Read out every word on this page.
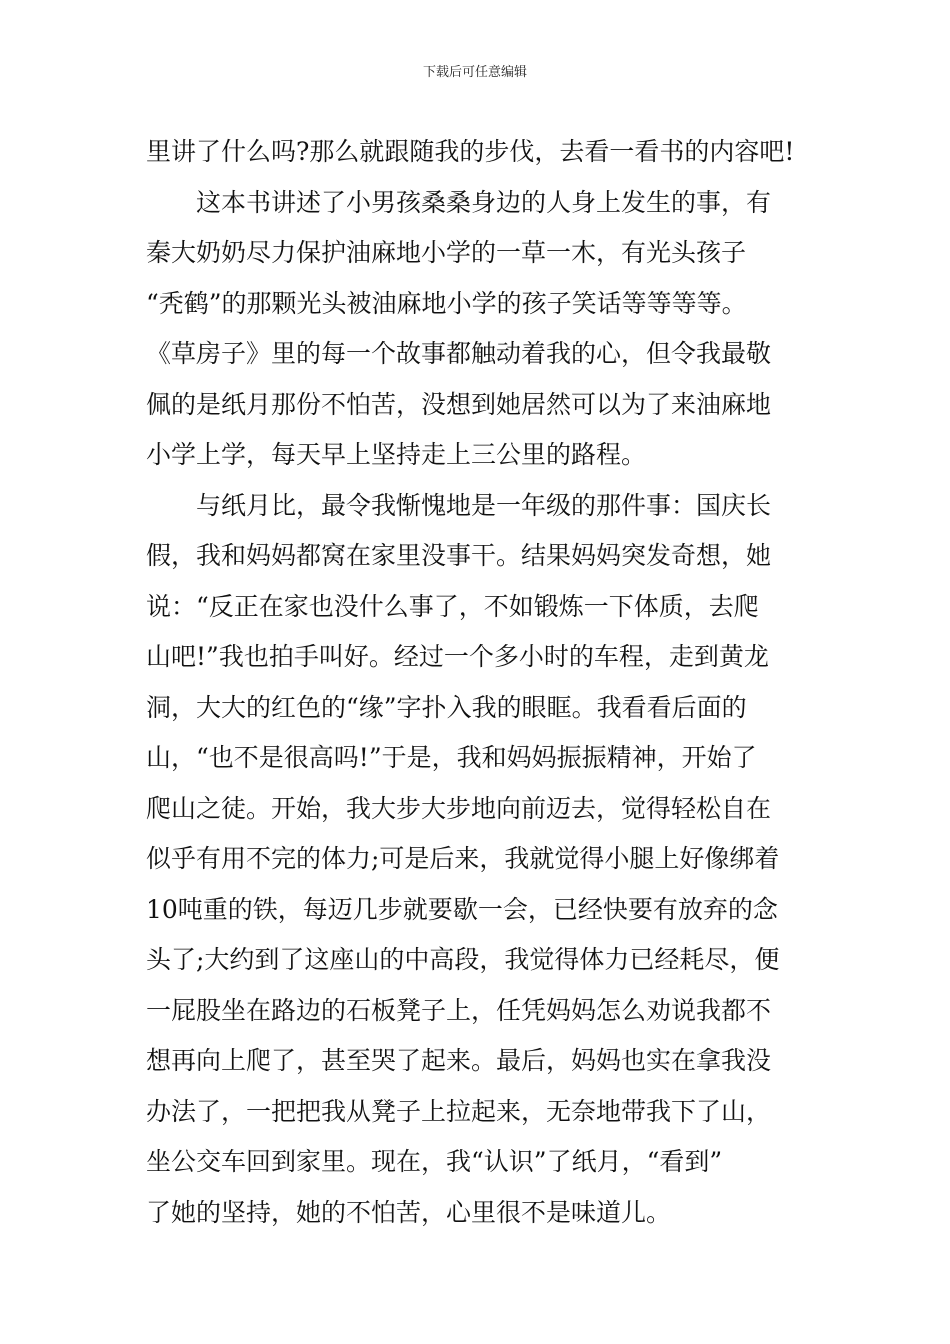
下载后可任意编辑
里讲了什么吗?那么就跟随我的步伐，去看一看书的内容吧!
这本书讲述了小男孩桑桑身边的人身上发生的事，有
秦大奶奶尽力保护油麻地小学的一草一木，有光头孩子
“秃鹤”的那颗光头被油麻地小学的孩子笑话等等等等。
《草房子》里的每一个故事都触动着我的心，但令我最敬
佩的是纸月那份不怕苦，没想到她居然可以为了来油麻地
小学上学，每天早上坚持走上三公里的路程。
与纸月比，最令我惭愧地是一年级的那件事：国庆长
假，我和妈妈都窝在家里没事干。结果妈妈突发奇想，她
说：“反正在家也没什么事了，不如锻炼一下体质，去爬
山吧!”我也拍手叫好。经过一个多小时的车程，走到黄龙
洞，大大的红色的“缘”字扑入我的眼眶。我看看后面的
山，“也不是很高吗!”于是，我和妈妈振振精神，开始了
爬山之徒。开始，我大步大步地向前迈去，觉得轻松自在
似乎有用不完的体力;可是后来，我就觉得小腿上好像绑着
10吨重的铁，每迈几步就要歇一会，已经快要有放弃的念
头了;大约到了这座山的中高段，我觉得体力已经耗尽，便
一屁股坐在路边的石板凳子上，任凭妈妈怎么劝说我都不
想再向上爬了，甚至哭了起来。最后，妈妈也实在拿我没
办法了，一把把我从凳子上拉起来，无奈地带我下了山，
坐公交车回到家里。现在，我“认识”了纸月，“看到”
了她的坚持，她的不怕苦，心里很不是味道儿。
